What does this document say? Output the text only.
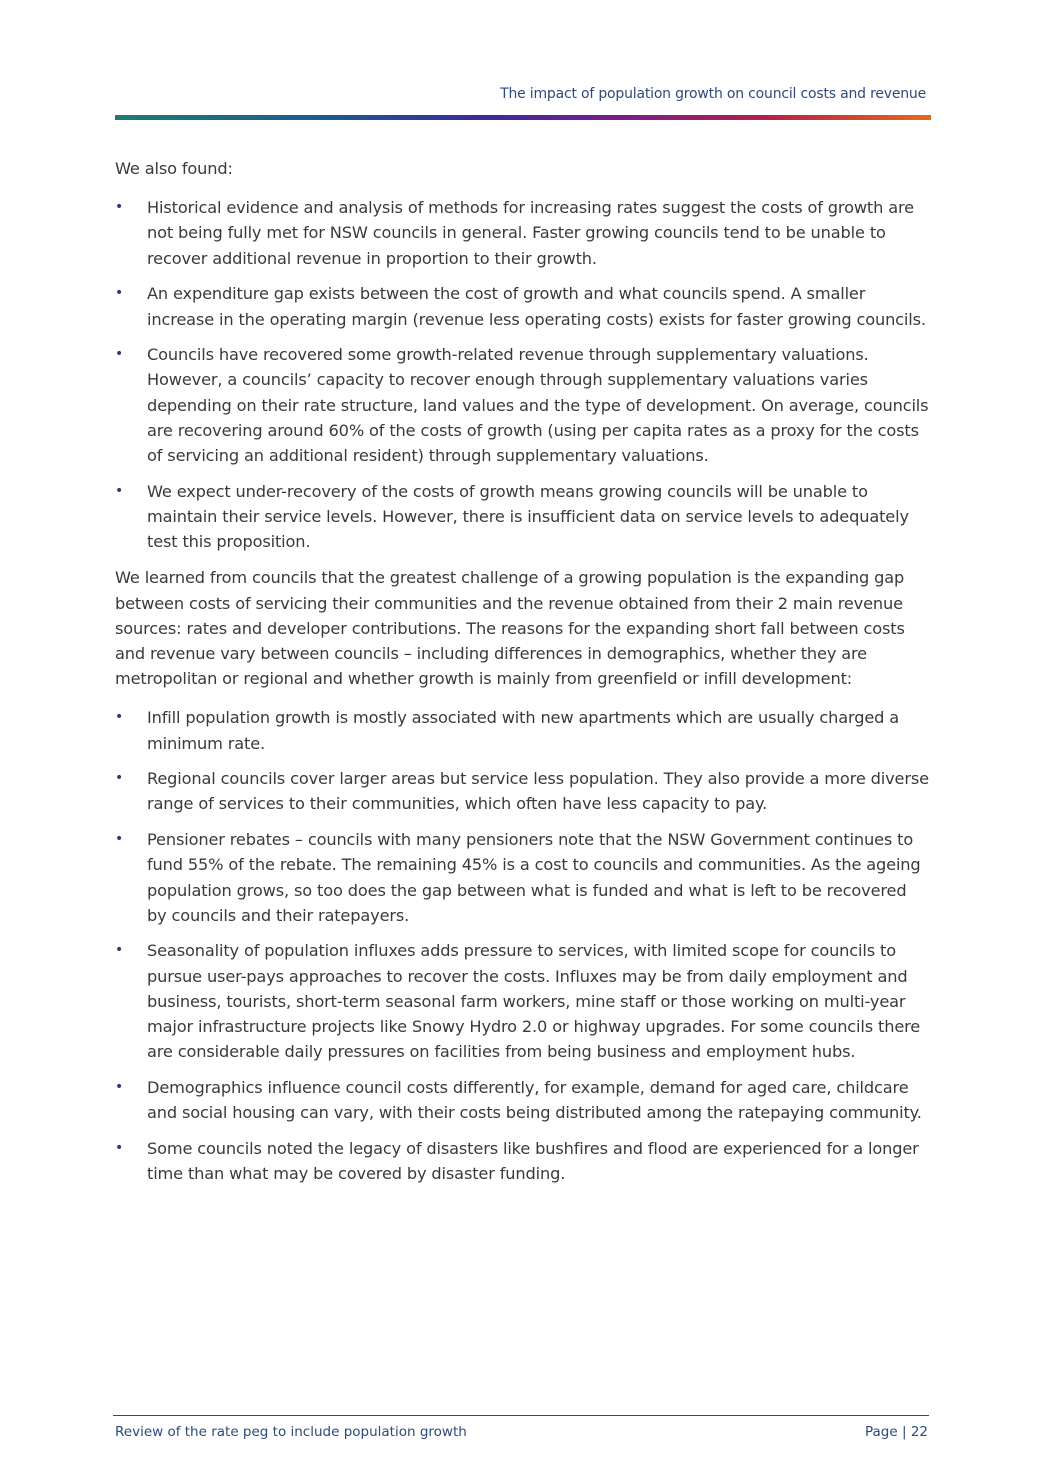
The impact of population growth on council costs and revenue

We also found:

• Historical evidence and analysis of methods for increasing rates suggest the costs of growth are not being fully met for NSW councils in general. Faster growing councils tend to be unable to recover additional revenue in proportion to their growth.
• An expenditure gap exists between the cost of growth and what councils spend. A smaller increase in the operating margin (revenue less operating costs) exists for faster growing councils.
• Councils have recovered some growth-related revenue through supplementary valuations. However, a councils’ capacity to recover enough through supplementary valuations varies depending on their rate structure, land values and the type of development. On average, councils are recovering around 60% of the costs of growth (using per capita rates as a proxy for the costs of servicing an additional resident) through supplementary valuations.
• We expect under-recovery of the costs of growth means growing councils will be unable to maintain their service levels. However, there is insufficient data on service levels to adequately test this proposition.

We learned from councils that the greatest challenge of a growing population is the expanding gap between costs of servicing their communities and the revenue obtained from their 2 main revenue sources: rates and developer contributions. The reasons for the expanding short fall between costs and revenue vary between councils – including differences in demographics, whether they are metropolitan or regional and whether growth is mainly from greenfield or infill development:

• Infill population growth is mostly associated with new apartments which are usually charged a minimum rate.
• Regional councils cover larger areas but service less population. They also provide a more diverse range of services to their communities, which often have less capacity to pay.
• Pensioner rebates – councils with many pensioners note that the NSW Government continues to fund 55% of the rebate. The remaining 45% is a cost to councils and communities. As the ageing population grows, so too does the gap between what is funded and what is left to be recovered by councils and their ratepayers.
• Seasonality of population influxes adds pressure to services, with limited scope for councils to pursue user-pays approaches to recover the costs. Influxes may be from daily employment and business, tourists, short-term seasonal farm workers, mine staff or those working on multi-year major infrastructure projects like Snowy Hydro 2.0 or highway upgrades. For some councils there are considerable daily pressures on facilities from being business and employment hubs.
• Demographics influence council costs differently, for example, demand for aged care, childcare and social housing can vary, with their costs being distributed among the ratepaying community.
• Some councils noted the legacy of disasters like bushfires and flood are experienced for a longer time than what may be covered by disaster funding.
Review of the rate peg to include population growth	Page | 22
